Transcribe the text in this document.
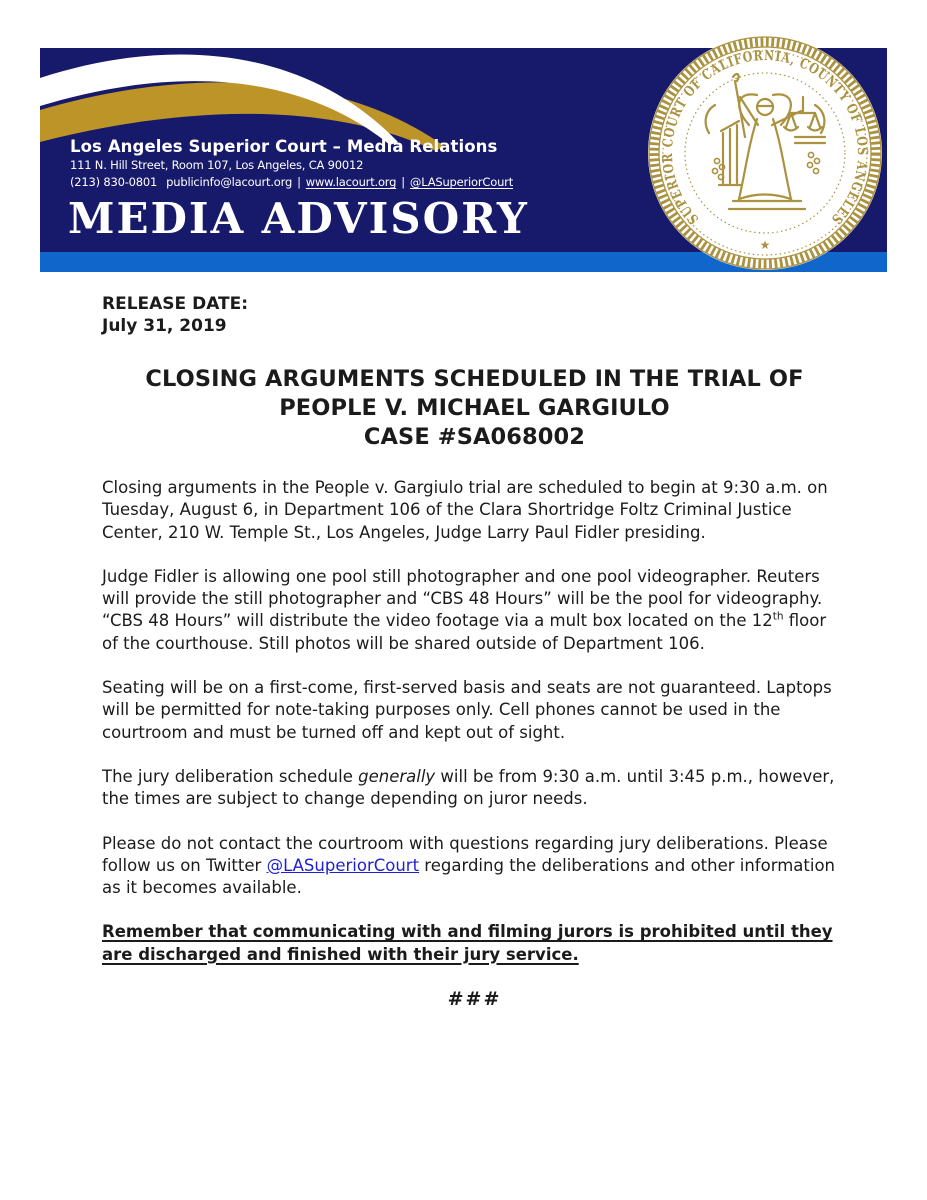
Los Angeles Superior Court – Media Relations
111 N. Hill Street, Room 107, Los Angeles, CA 90012
(213) 830-0801 publicinfo@lacourt.org | www.lacourt.org | @LASuperiorCourt
MEDIA ADVISORY	SUPERIOR COURT OF CALIFORNIA, COUNTY OF LOS ANGELES
★
RELEASE DATE:
July 31, 2019
CLOSING ARGUMENTS SCHEDULED IN THE TRIAL OF
PEOPLE V. MICHAEL GARGIULO
CASE #SA068002

Closing arguments in the People v. Gargiulo trial are scheduled to begin at 9:30 a.m. on Tuesday, August 6, in Department 106 of the Clara Shortridge Foltz Criminal Justice Center, 210 W. Temple St., Los Angeles, Judge Larry Paul Fidler presiding.

Judge Fidler is allowing one pool still photographer and one pool videographer. Reuters will provide the still photographer and “CBS 48 Hours” will be the pool for videography. “CBS 48 Hours” will distribute the video footage via a mult box located on the 12th floor of the courthouse. Still photos will be shared outside of Department 106.

Seating will be on a first-come, first-served basis and seats are not guaranteed. Laptops will be permitted for note-taking purposes only. Cell phones cannot be used in the courtroom and must be turned off and kept out of sight.

The jury deliberation schedule generally will be from 9:30 a.m. until 3:45 p.m., however, the times are subject to change depending on juror needs.

Please do not contact the courtroom with questions regarding jury deliberations. Please follow us on Twitter @LASuperiorCourt regarding the deliberations and other information as it becomes available.

Remember that communicating with and filming jurors is prohibited until they are discharged and finished with their jury service.

###
